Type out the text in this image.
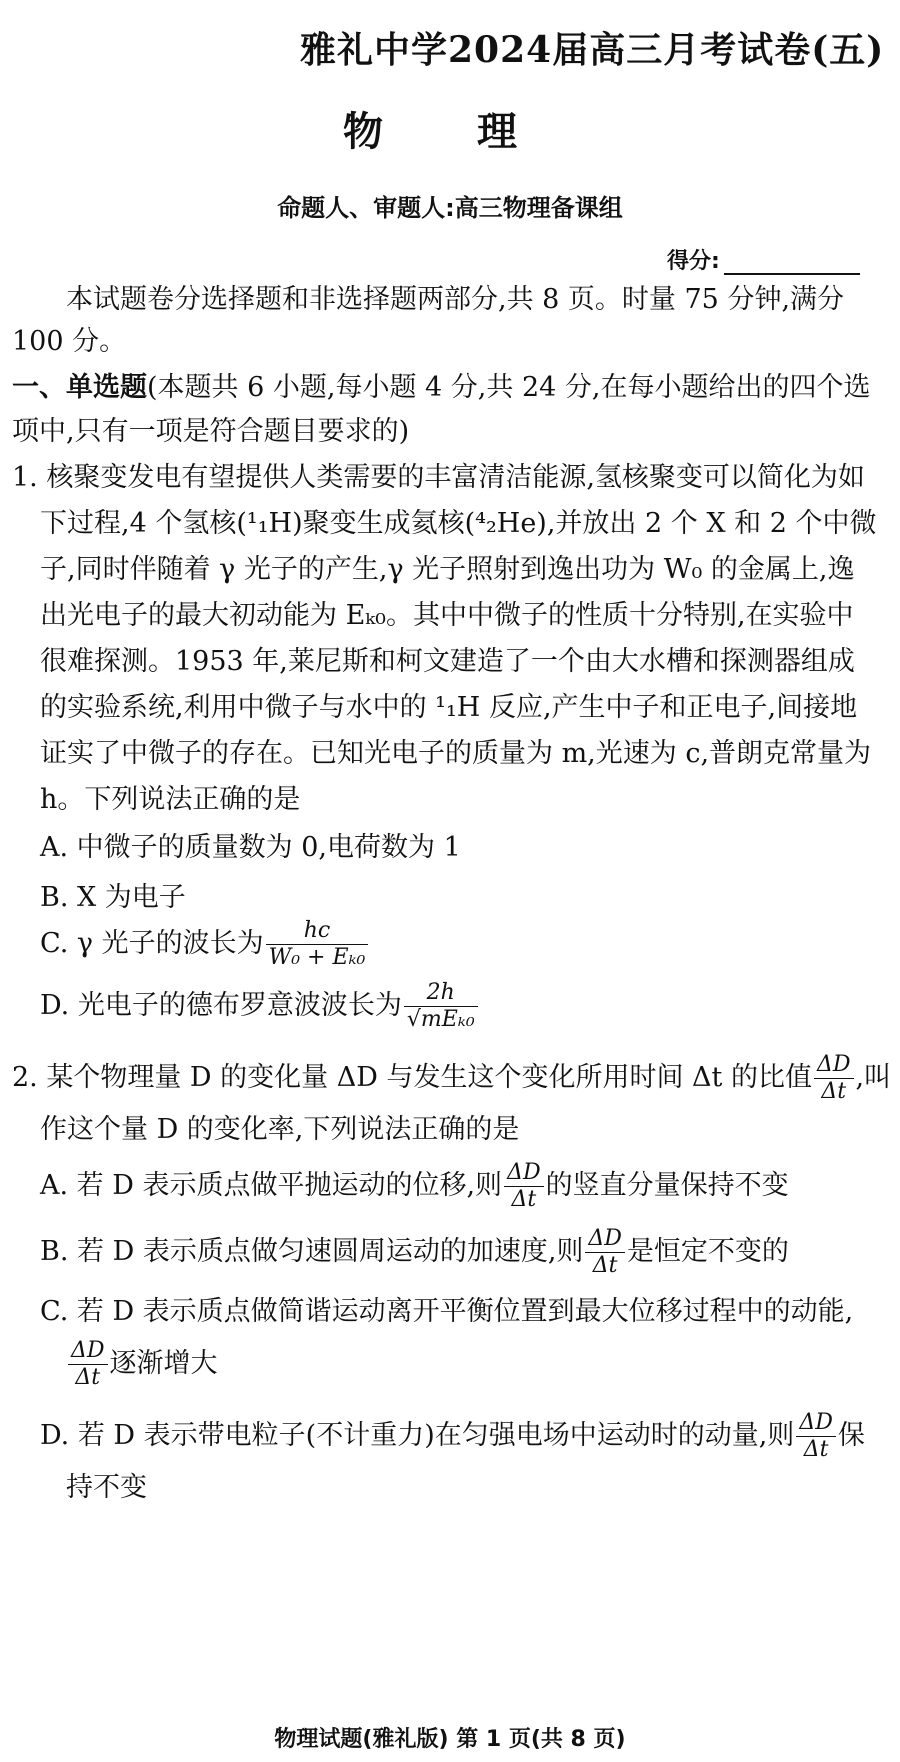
雅礼中学2024届高三月考试卷(五)
物 理
命题人、审题人:高三物理备课组
得分:
本试题卷分选择题和非选择题两部分,共 8 页。时量 75 分钟,满分
100 分。
一、单选题(本题共 6 小题,每小题 4 分,共 24 分,在每小题给出的四个选
项中,只有一项是符合题目要求的)
1. 核聚变发电有望提供人类需要的丰富清洁能源,氢核聚变可以简化为如
下过程,4 个氢核(¹₁H)聚变生成氦核(⁴₂He),并放出 2 个 X 和 2 个中微
子,同时伴随着 γ 光子的产生,γ 光子照射到逸出功为 W₀ 的金属上,逸
出光电子的最大初动能为 Eₖ₀。其中中微子的性质十分特别,在实验中
很难探测。1953 年,莱尼斯和柯文建造了一个由大水槽和探测器组成
的实验系统,利用中微子与水中的 ¹₁H 反应,产生中子和正电子,间接地
证实了中微子的存在。已知光电子的质量为 m,光速为 c,普朗克常量为
h。下列说法正确的是
A. 中微子的质量数为 0,电荷数为 1
B. X 为电子
C. γ 光子的波长为 $\frac{hc}{\text{W₀ + Eₖ₀}}$
D. 光电子的德布罗意波波长为 $\frac{2h}{\text{√mEₖ₀}}$
2. 某个物理量 D 的变化量 ΔD 与发生这个变化所用时间 Δt 的比值 $\frac{\Delta D}{\Delta t}$ ,叫
作这个量 D 的变化率,下列说法正确的是
A. 若 D 表示质点做平抛运动的位移,则 $\frac{\Delta D}{\Delta t}$ 的竖直分量保持不变
B. 若 D 表示质点做匀速圆周运动的加速度,则 $\frac{\Delta D}{\Delta t}$ 是恒定不变的
C. 若 D 表示质点做简谐运动离开平衡位置到最大位移过程中的动能,
$\frac{\Delta D}{\Delta t}$ 逐渐增大
D. 若 D 表示带电粒子(不计重力)在匀强电场中运动时的动量,则 $\frac{\Delta D}{\Delta t}$ 保
持不变
物理试题(雅礼版) 第 1 页(共 8 页)
